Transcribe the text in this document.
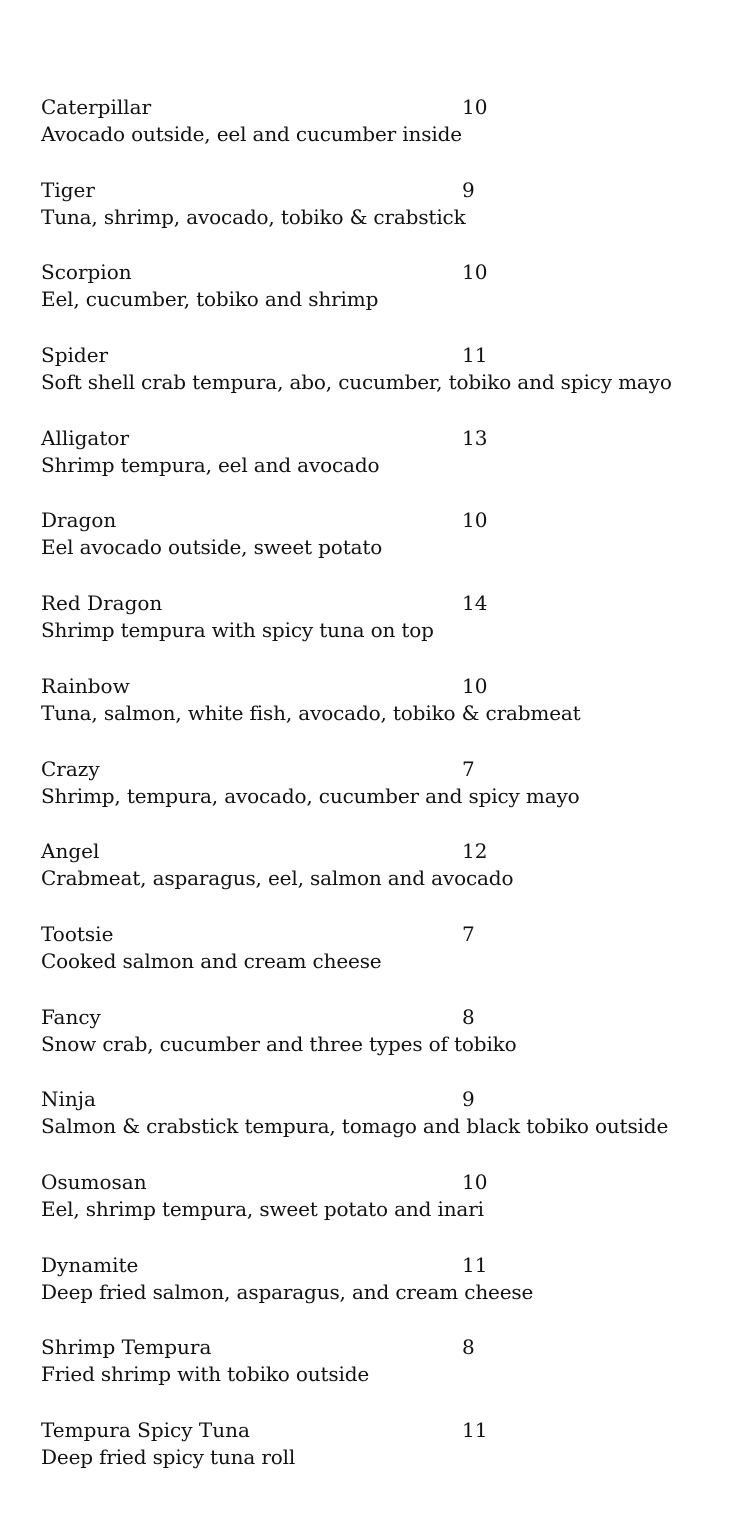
Caterpillar	10
Avocado outside, eel and cucumber inside
Tiger	9
Tuna, shrimp, avocado, tobiko & crabstick
Scorpion	10
Eel, cucumber, tobiko and shrimp
Spider	11
Soft shell crab tempura, abo, cucumber, tobiko and spicy mayo
Alligator	13
Shrimp tempura, eel and avocado
Dragon	10
Eel avocado outside, sweet potato
Red Dragon	14
Shrimp tempura with spicy tuna on top
Rainbow	10
Tuna, salmon, white fish, avocado, tobiko & crabmeat
Crazy	7
Shrimp, tempura, avocado, cucumber and spicy mayo
Angel	12
Crabmeat, asparagus, eel, salmon and avocado
Tootsie	7
Cooked salmon and cream cheese
Fancy	8
Snow crab, cucumber and three types of tobiko
Ninja	9
Salmon & crabstick tempura, tomago and black tobiko outside
Osumosan	10
Eel, shrimp tempura, sweet potato and inari
Dynamite	11
Deep fried salmon, asparagus, and cream cheese
Shrimp Tempura	8
Fried shrimp with tobiko outside
Tempura Spicy Tuna	11
Deep fried spicy tuna roll
